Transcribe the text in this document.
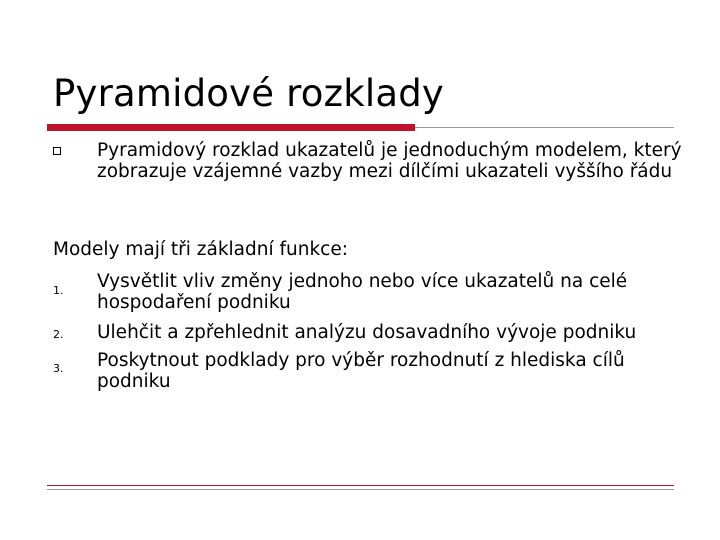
Pyramidové rozklady
Pyramidový rozklad ukazatelů je jednoduchým modelem, který zobrazuje vzájemné vazby mezi dílčími ukazateli vyššího řádu
Modely mají tři základní funkce:
1. Vysvětlit vliv změny jednoho nebo více ukazatelů na celé hospodaření podniku
2. Ulehčit a zpřehlednit analýzu dosavadního vývoje podniku
3. Poskytnout podklady pro výběr rozhodnutí z hlediska cílů podniku
